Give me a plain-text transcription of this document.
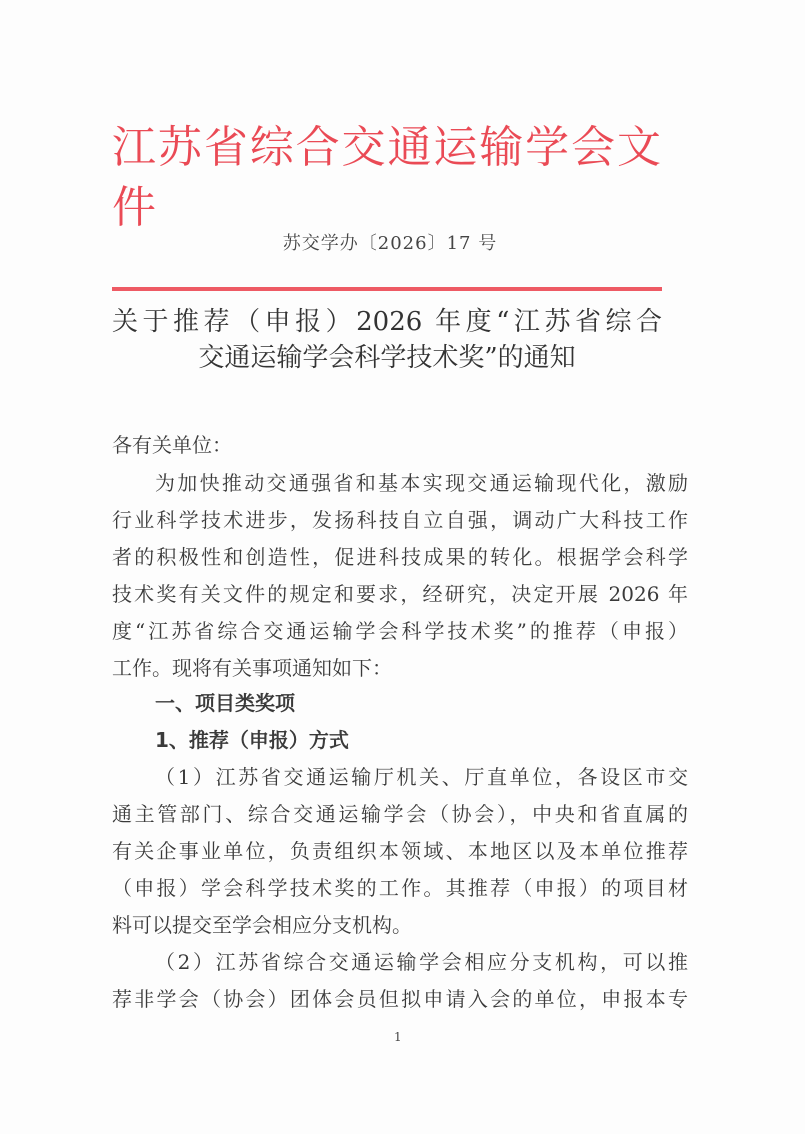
江苏省综合交通运输学会文件
苏交学办〔2026〕17 号
关于推荐（申报）2026 年度“江苏省综合
交通运输学会科学技术奖”的通知
各有关单位：
为加快推动交通强省和基本实现交通运输现代化，激励
行业科学技术进步，发扬科技自立自强，调动广大科技工作
者的积极性和创造性，促进科技成果的转化。根据学会科学
技术奖有关文件的规定和要求，经研究，决定开展 2026 年
度“江苏省综合交通运输学会科学技术奖”的推荐（申报）
工作。现将有关事项通知如下：
一、项目类奖项
1、推荐（申报）方式
（1）江苏省交通运输厅机关、厅直单位，各设区市交
通主管部门、综合交通运输学会（协会），中央和省直属的
有关企事业单位，负责组织本领域、本地区以及本单位推荐
（申报）学会科学技术奖的工作。其推荐（申报）的项目材
料可以提交至学会相应分支机构。
（2）江苏省综合交通运输学会相应分支机构，可以推
荐非学会（协会）团体会员但拟申请入会的单位，申报本专
1
